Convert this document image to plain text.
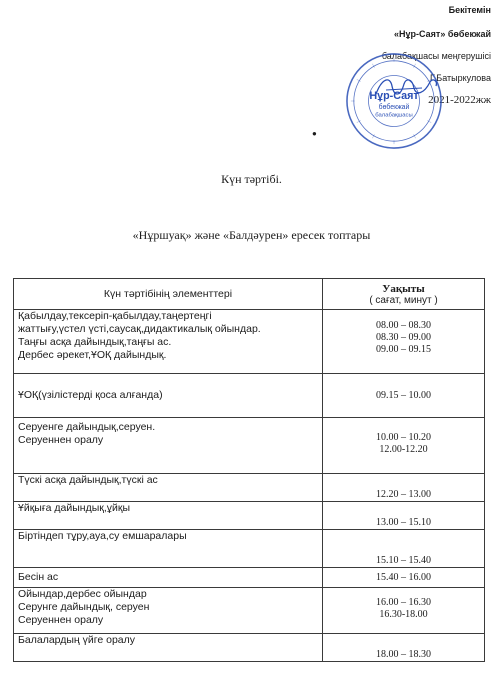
Бекітемін
«Нұр-Саят» бөбекжай
балабақшасы меңгерушісі
Г.Батыркулова
2021-2022жж
Нұр-Саят
бөбекжай
балабақшасы
●
Күн тәртібі.
«Нұршуақ» және «Балдәурен» ересек топтары
Күн тәртібінің элементтері	Уақыты
( сағат, минут )

Қабылдау,тексеріп-қабылдау,таңертеңгі
жаттығу,үстел үсті,саусақ,дидактикалық ойындар.
Таңғы асқа дайындық,таңғы ас.
Дербес әрекет,ҰОҚ дайындық.	08.00 – 08.30
08.30 – 09.00
09.00 – 09.15

ҰОҚ(үзілістерді қоса алғанда)	09.15 – 10.00

Серуенге дайындық,серуен.
Серуеннен оралу	10.00 – 10.20
12.00-12.20

Түскі асқа дайындық,түскі ас	12.20 – 13.00

Ұйқыға дайындық,ұйқы	13.00 – 15.10

Біртіндеп тұру,ауа,су емшаралары	15.10 – 15.40

Бесін ас	15.40 – 16.00

Ойындар,дербес ойындар
Серунге дайындық, серуен
Серуеннен оралу	16.00 – 16.30
16.30-18.00

Балалардың үйге оралу	18.00 – 18.30
